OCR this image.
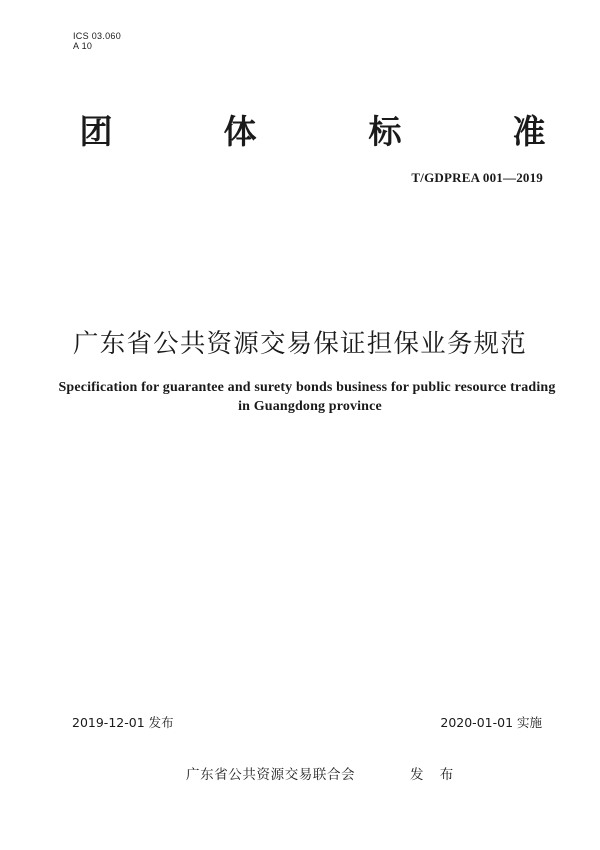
ICS 03.060
A 10
团	体	标	准
T/GDPREA 001—2019
广东省公共资源交易保证担保业务规范
Specification for guarantee and surety bonds business for public resource trading
in Guangdong province
2019-12-01 发布	2020-01-01 实施
广东省公共资源交易联合会	发 布
